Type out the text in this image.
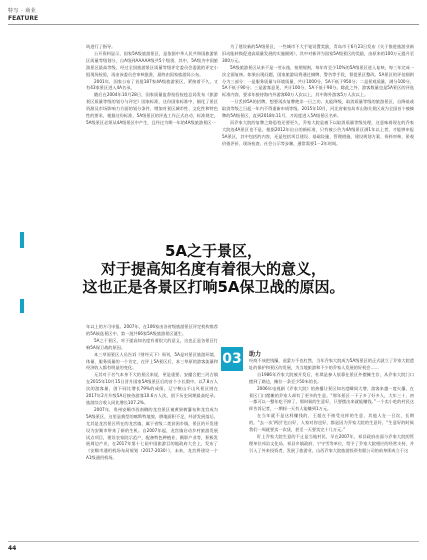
特写 · 商业
FEATURE

筑进行了指导。

公开资料显示，国家5A级旅游景区，是依据中华人民共和国旅游景区质量等级划分，自A级到AAAAA级共5个级别，其中，5A级为中国旅游景区最高等级，经过全国旅游景区质量等级评定委员会委派的评定小组现场检验，再由该委员会审核批准，最终由国家旅游局公布。

2001年，国家公布了首批187家4A级旅游景区，紧接着不久，又有43家景区进入4A名录。

随后在2004年10月28日，国家质量监督检验检疫总局发布《旅游景区质量等级的划分与评定》国家标准，这份国家标准中，细化了景区资源及市场影响力方面的划分条件，增加对景区城市性、文化性和特色性的要求，根据这份标准，5A级景区的评选工作正式启动，标准规定，5A级景区必须从4A级景区中产生，且经过为期一年的4A级旅游景区一

为了建设新的5A级景区，一些城市下大手笔设置奖励，青岛市于6月23日发布《关于推进旅游业新旧动能转换促进高质量发展的实施细则》，其中对新评为国家5A级景区的奖励，由原来的100万元提升至300万元。

5A级旅游景区从来不是一劳永逸，按照规则，每年有至少10%的5A级景区进入复核，每三年完成一次全面复核。如果出现问题，国家旅游局将通过摘牌、警告等手段，督促景区整改。5A景区的评估细则分为三部分：一是服务质量与环境质量，共计1000分，5A不低于950分；二是景观质量，满分100分，5A不低于90分；三是游客意见，共计100分，5A不低于90分。除此之外，游客数量也是5A景区的评选标准内容，要求年接待海内外游客60万人次以上，其中海外游客5万人次以上。

一旦丢掉5A的招牌，想要再次复牌绝非一日之功。丸能降级，取消质量等级的旅游景区，自降低或取消等级之日起一年内不得重新申请等级。2015年10月，河北省秦皇岛市山海关景区成为全国首个被摘牌的5A级景区，直到2018年11月，才再度进入5A级景区名单。

而乔家大院的复牌之路恐怕还要更久，乔家大院是被下以取消质量等级处理，这意味着现在的乔家大院连4A景区也不是，根据2012年出台的新标准，只有被公告为4A级景区满1年以上者，才能够申报5A景区，其中包括的内容，还是包括项目建设、基础设施、管理措施、建设规划方案、资料审核、景观价值评价、现场检查、社会公示等步骤，通常需要1－2年时间。

5A之于景区，
对于提高知名度有着很大的意义，
这也正是各景区打响5A保卫战的原因。

年以上的方可申报。2007年，在106家由各省级旅游景区评定机构推荐的5A候选景区中，第一批共66家5A级旅游景区诞生。

5A之于景区，对于提高知名度有着很大的意义，这也正是各景区打响5A保卫战的原因。

本三草原景区人员告诉《财经天下》周刊，5A是对景区旅游环境、体量、服务质量的一个肯定，在评上5A景区后，本三草原的游客流量和经济收入都有明显的变化。

无其对于名气本身不大的景区来说，更是重要。安徽合肥三河古镇在2015年10月15日晋升国家5A级景区后的首个小长假中，以7.8万人次的游客量，创下同比增长79%的成绩，辽宁鞍山千山风景区则在2017年2月升级5A后接待游客10.6万人次，创下历史同期最高纪录，旅游综合收入同比增长107.2%。

2007年，贵州安顺市西南侧的龙宫景区被黄果树瀑布和龙宫成为5A级景区，这里是典型的喀斯特地貌，耕地面积不足，经济发展落后，尤其是龙宫景区所在的龙宫镇，属于省级二类贫困乡镇，景区的开发建设为安顺市带来了新的生机。自2007年起，龙宫镇启动乡村旅游发展试点项目，建设农家院示范户，配备特色种植业、摄影产业等，积极发展周边产业，在2017年第十七届中国旅游目的地政府大会上，发布了《安顺市通用机场布局规划（2017-2030）》，未来，龙宫将建设一个A1级通用机场。

03 助力

经商不该把钱攥，退蒙万千也杠然，当年乔家大院成为5A级景区的正式就立了乔家大院遗址的保护和景区的发展，为当地旅游和不少的乔家人发展的好机会……

自1986年乔家大院被开发后，杜琪是参人依靠在景区外摆摊生存，从乔家大院门口摆到了路边，摊位一条至少50米的长。

2006年电视剧《乔家大院》的热播让景区知名度瞬间大增，游客来越一度火爆，在景区门口摆摊的乔家人却有了更多的生意。“那年景区一下子多了好多人，大年三十、初一都可以一整年吃不掉了，那时候的生意好，只要摆出来就能赚钱。”一个卖小吃的村民这样告诉记者，一期间一天有人能赚到1万元。

在当年就不是这样赚钱的，王超在不接受这样的生意，其他人在一日次，长期的，“去一次'两层'也自好，人家对你也好，都是因为乔家大院的生意好，“生意好的时候我们一周就要卖一次货，甚至一天要卖完十几万元。”

盯上乔家大院生意的不止是当地村民，早在2007年，祁县政府出面与乔家大院的管理单位祁县文化局、祁县乡镇政府、宁守雪等单位，给予了乔家大院相应的经营支持，并引入了外来投资者，发展了旅游业，山西乔家大院旅游投资有限公司的前身即成立于这

44
